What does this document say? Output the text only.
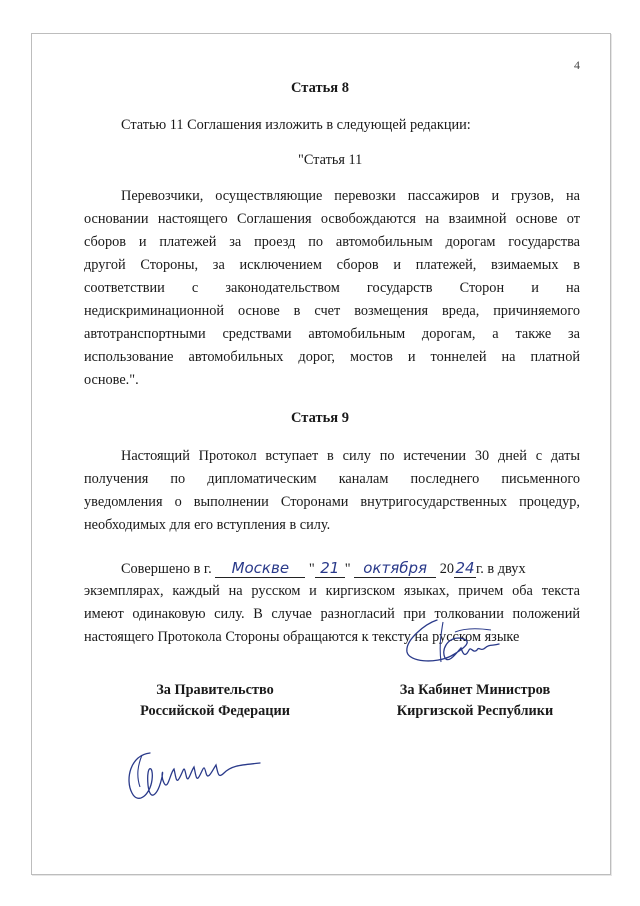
4
Статья 8
Статью 11 Соглашения изложить в следующей редакции:
"Статья 11
Перевозчики, осуществляющие перевозки пассажиров и грузов, на
основании настоящего Соглашения освобождаются на взаимной основе от
сборов и платежей за проезд по автомобильным дорогам государства
другой Стороны, за исключением сборов и платежей, взимаемых в
соответствии с законодательством государств Сторон и на
недискриминационной основе в счет возмещения вреда, причиняемого
автотранспортными средствами автомобильным дорогам, а также за
использование автомобильных дорог, мостов и тоннелей на платной
основе.".
Статья 9
Настоящий Протокол вступает в силу по истечении 30 дней с даты
получения по дипломатическим каналам последнего письменного
уведомления о выполнении Сторонами внутригосударственных процедур,
необходимых для его вступления в силу.
Совершено в г. Москве " 21 " октября 2024г. в двух
экземплярах, каждый на русском и киргизском языках, причем оба текста
имеют одинаковую силу. В случае разногласий при толковании положений
настоящего Протокола Стороны обращаются к тексту на русском языке
За Правительство
Российской Федерации
За Кабинет Министров
Киргизской Республики
